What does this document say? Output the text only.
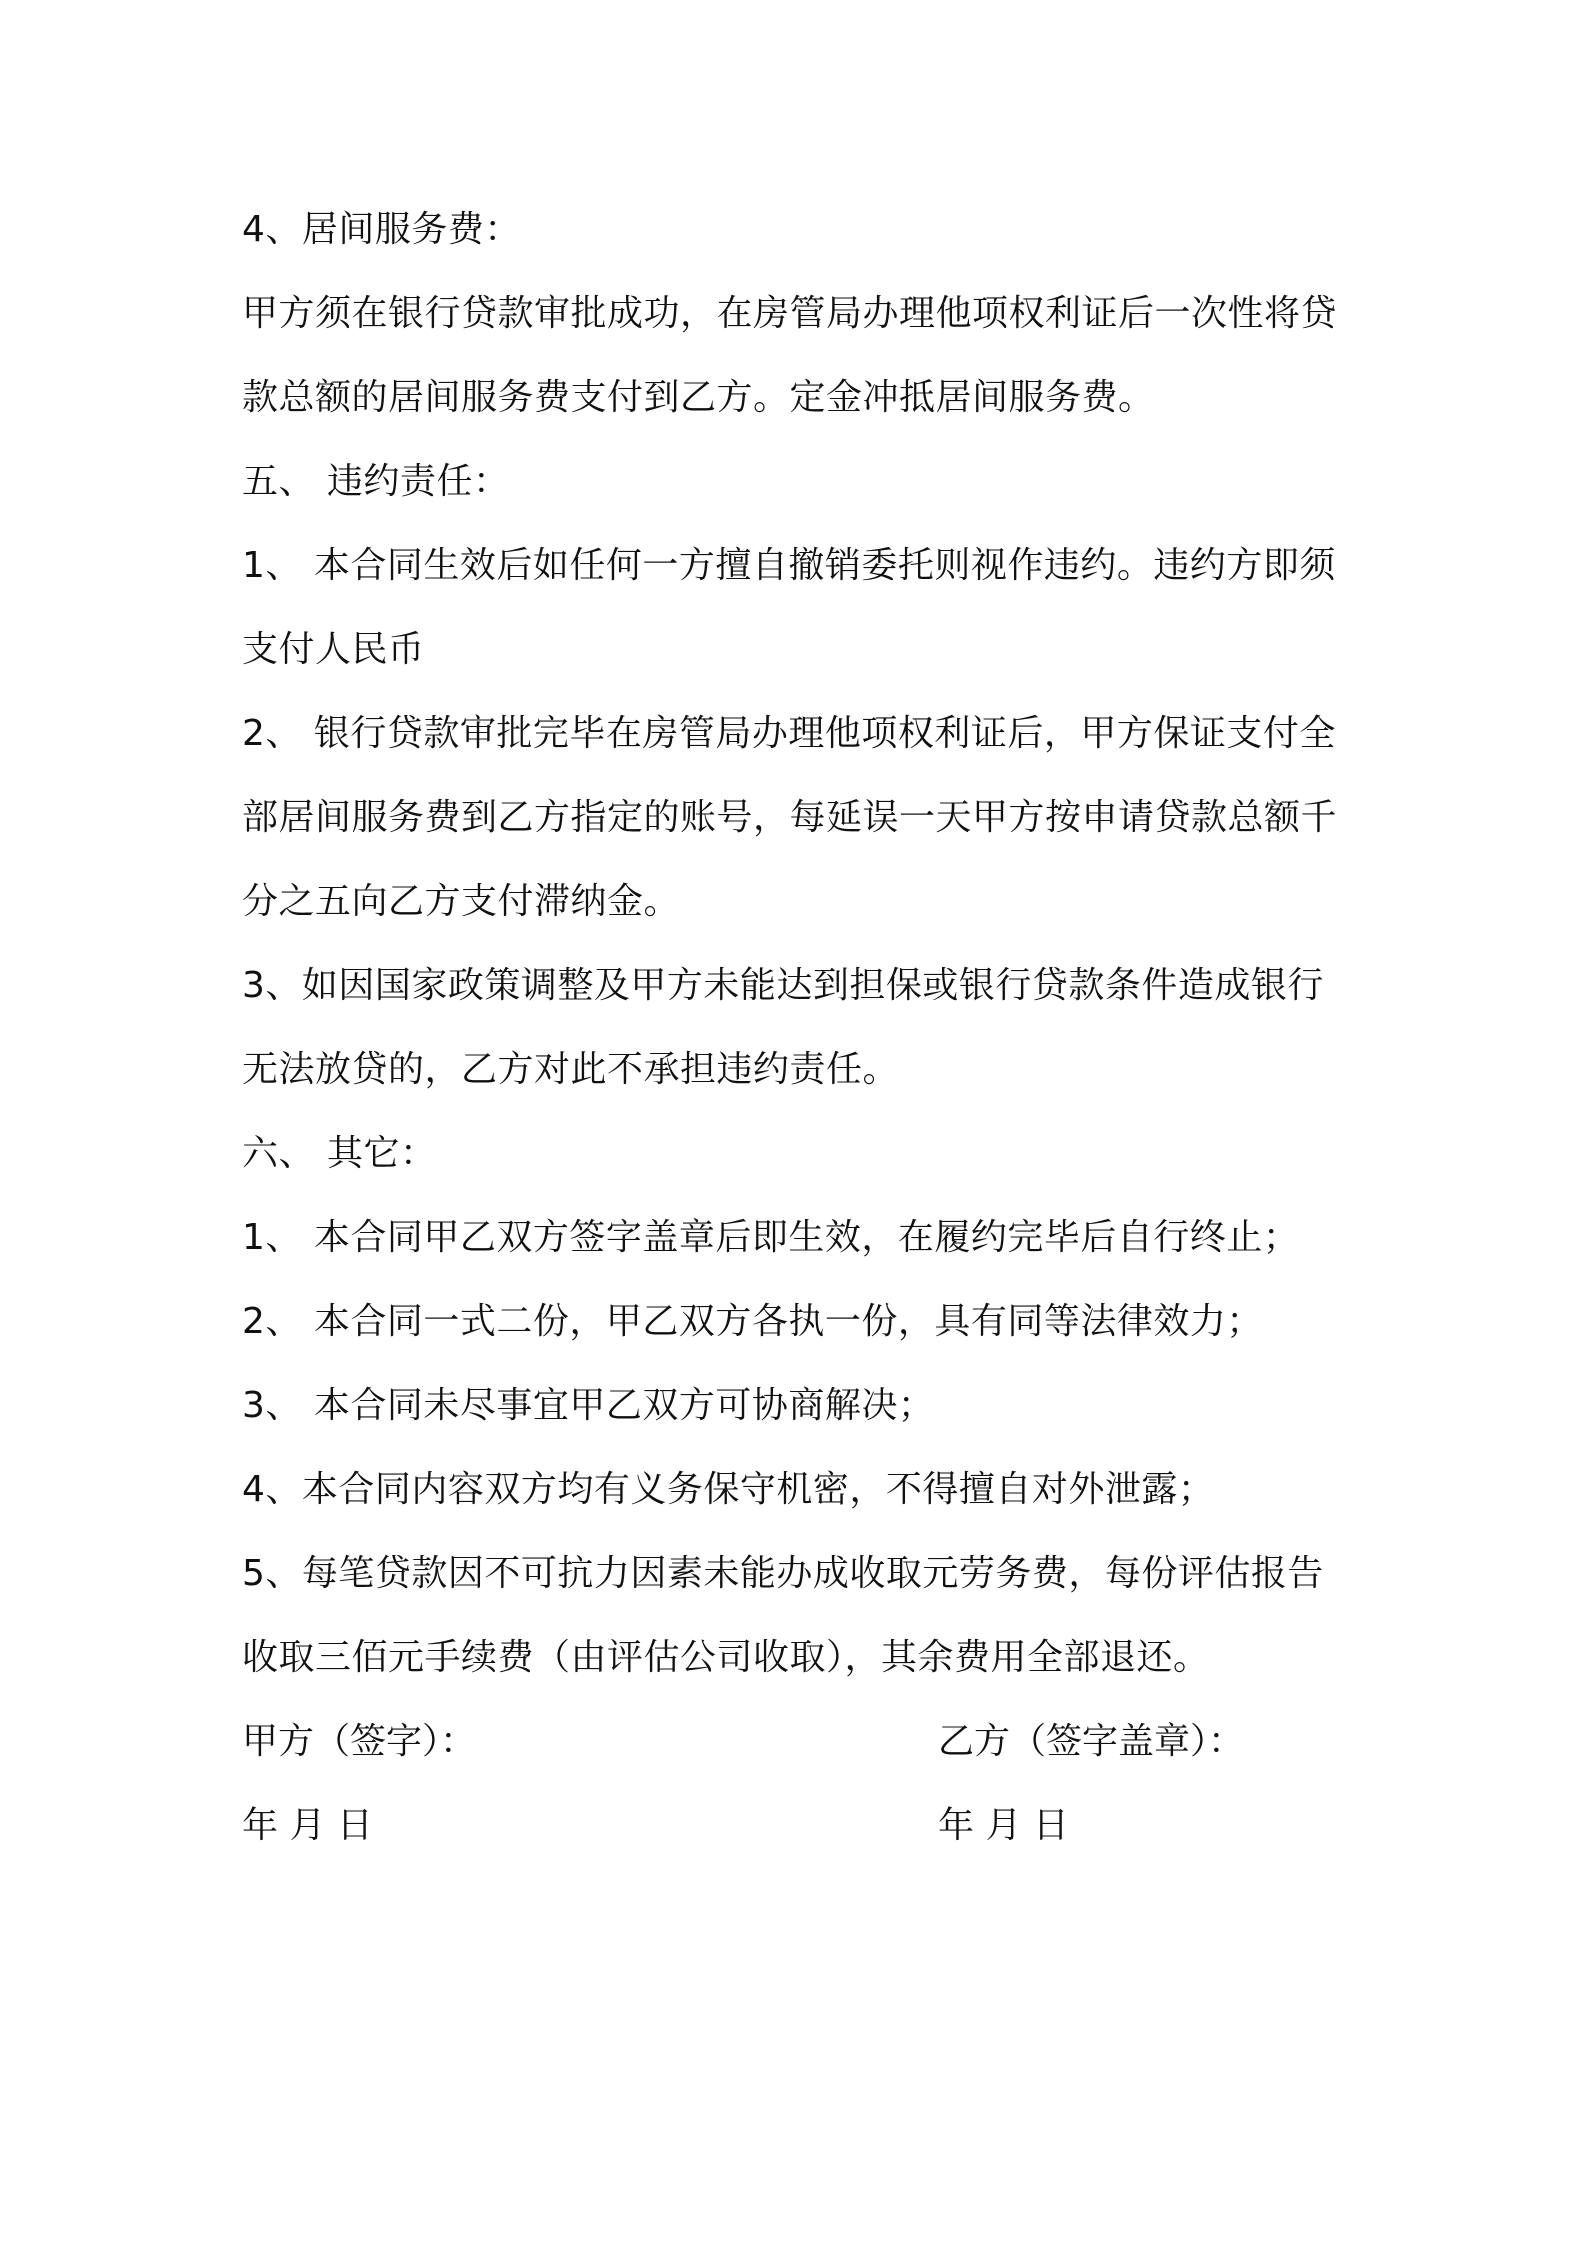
4、居间服务费：
甲方须在银行贷款审批成功，在房管局办理他项权利证后一次性将贷
款总额的居间服务费支付到乙方。定金冲抵居间服务费。
五、 违约责任：
1、 本合同生效后如任何一方擅自撤销委托则视作违约。违约方即须
支付人民币
2、 银行贷款审批完毕在房管局办理他项权利证后，甲方保证支付全
部居间服务费到乙方指定的账号，每延误一天甲方按申请贷款总额千
分之五向乙方支付滞纳金。
3、如因国家政策调整及甲方未能达到担保或银行贷款条件造成银行
无法放贷的，乙方对此不承担违约责任。
六、 其它：
1、 本合同甲乙双方签字盖章后即生效，在履约完毕后自行终止；
2、 本合同一式二份，甲乙双方各执一份，具有同等法律效力；
3、 本合同未尽事宜甲乙双方可协商解决；
4、本合同内容双方均有义务保守机密，不得擅自对外泄露；
5、每笔贷款因不可抗力因素未能办成收取元劳务费，每份评估报告
收取三佰元手续费（由评估公司收取），其余费用全部退还。
甲方（签字）：	乙方（签字盖章）：
年 月 日	年 月 日
